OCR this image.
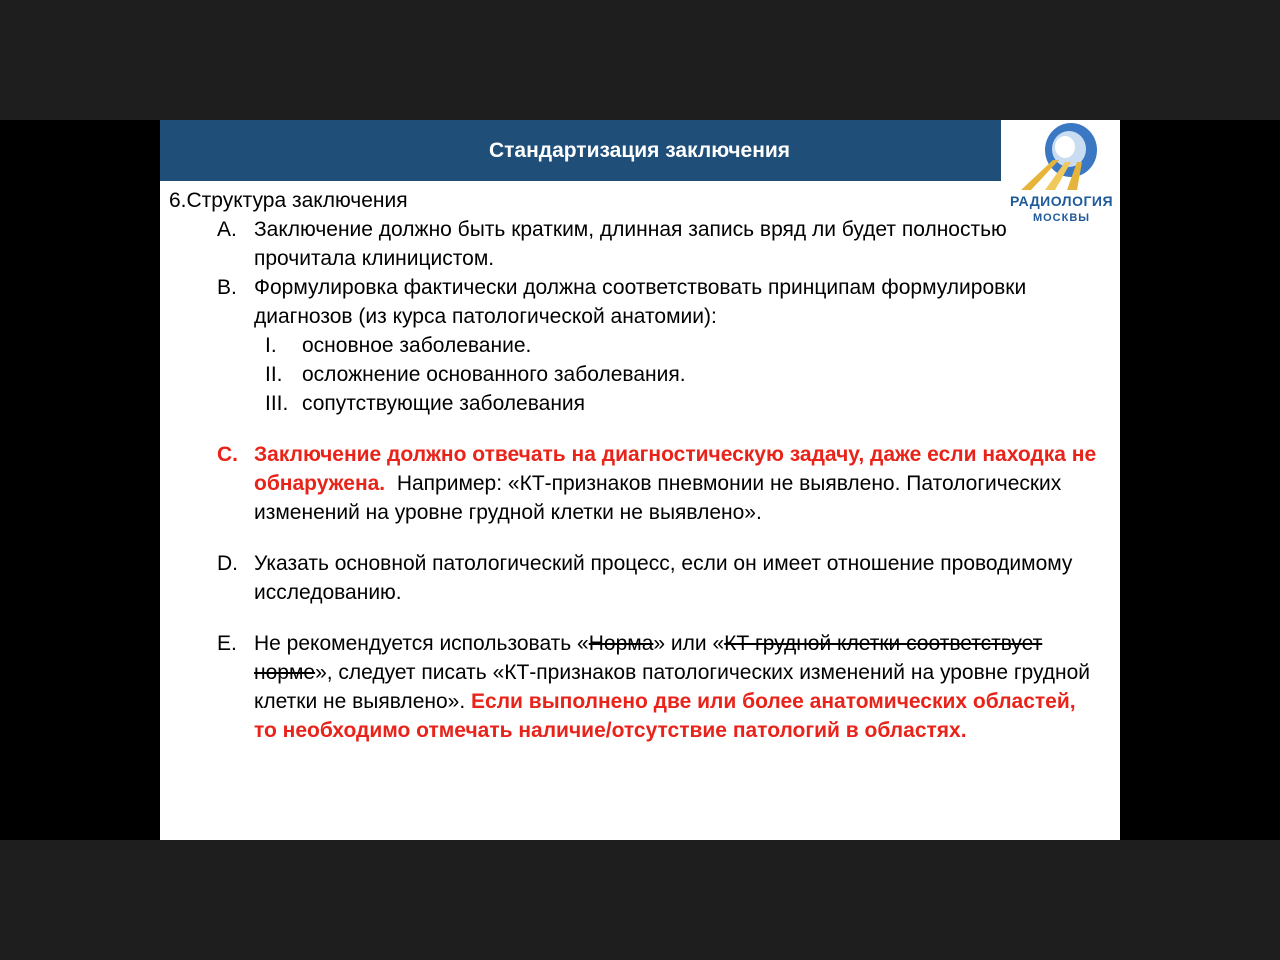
Стандартизация заключения
РАДИОЛОГИЯ
МОСКВЫ
6.Структура заключения
A. Заключение должно быть кратким, длинная запись вряд ли будет полностью прочитала клиницистом.
B. Формулировка фактически должна соответствовать принципам формулировки диагнозов (из курса патологической анатомии):
I.	основное заболевание.
II. осложнение основанного заболевания.
III. сопутствующие заболевания
C. Заключение должно отвечать на диагностическую задачу, даже если находка не обнаружена. Например: «КТ-признаков пневмонии не выявлено. Патологических изменений на уровне грудной клетки не выявлено».
D. Указать основной патологический процесс, если он имеет отношение проводимому исследованию.
E. Не рекомендуется использовать «Норма» или «КТ грудной клетки соответствует норме», следует писать «КТ-признаков патологических изменений на уровне грудной клетки не выявлено». Если выполнено две или более анатомических областей, то необходимо отмечать наличие/отсутствие патологий в областях.
